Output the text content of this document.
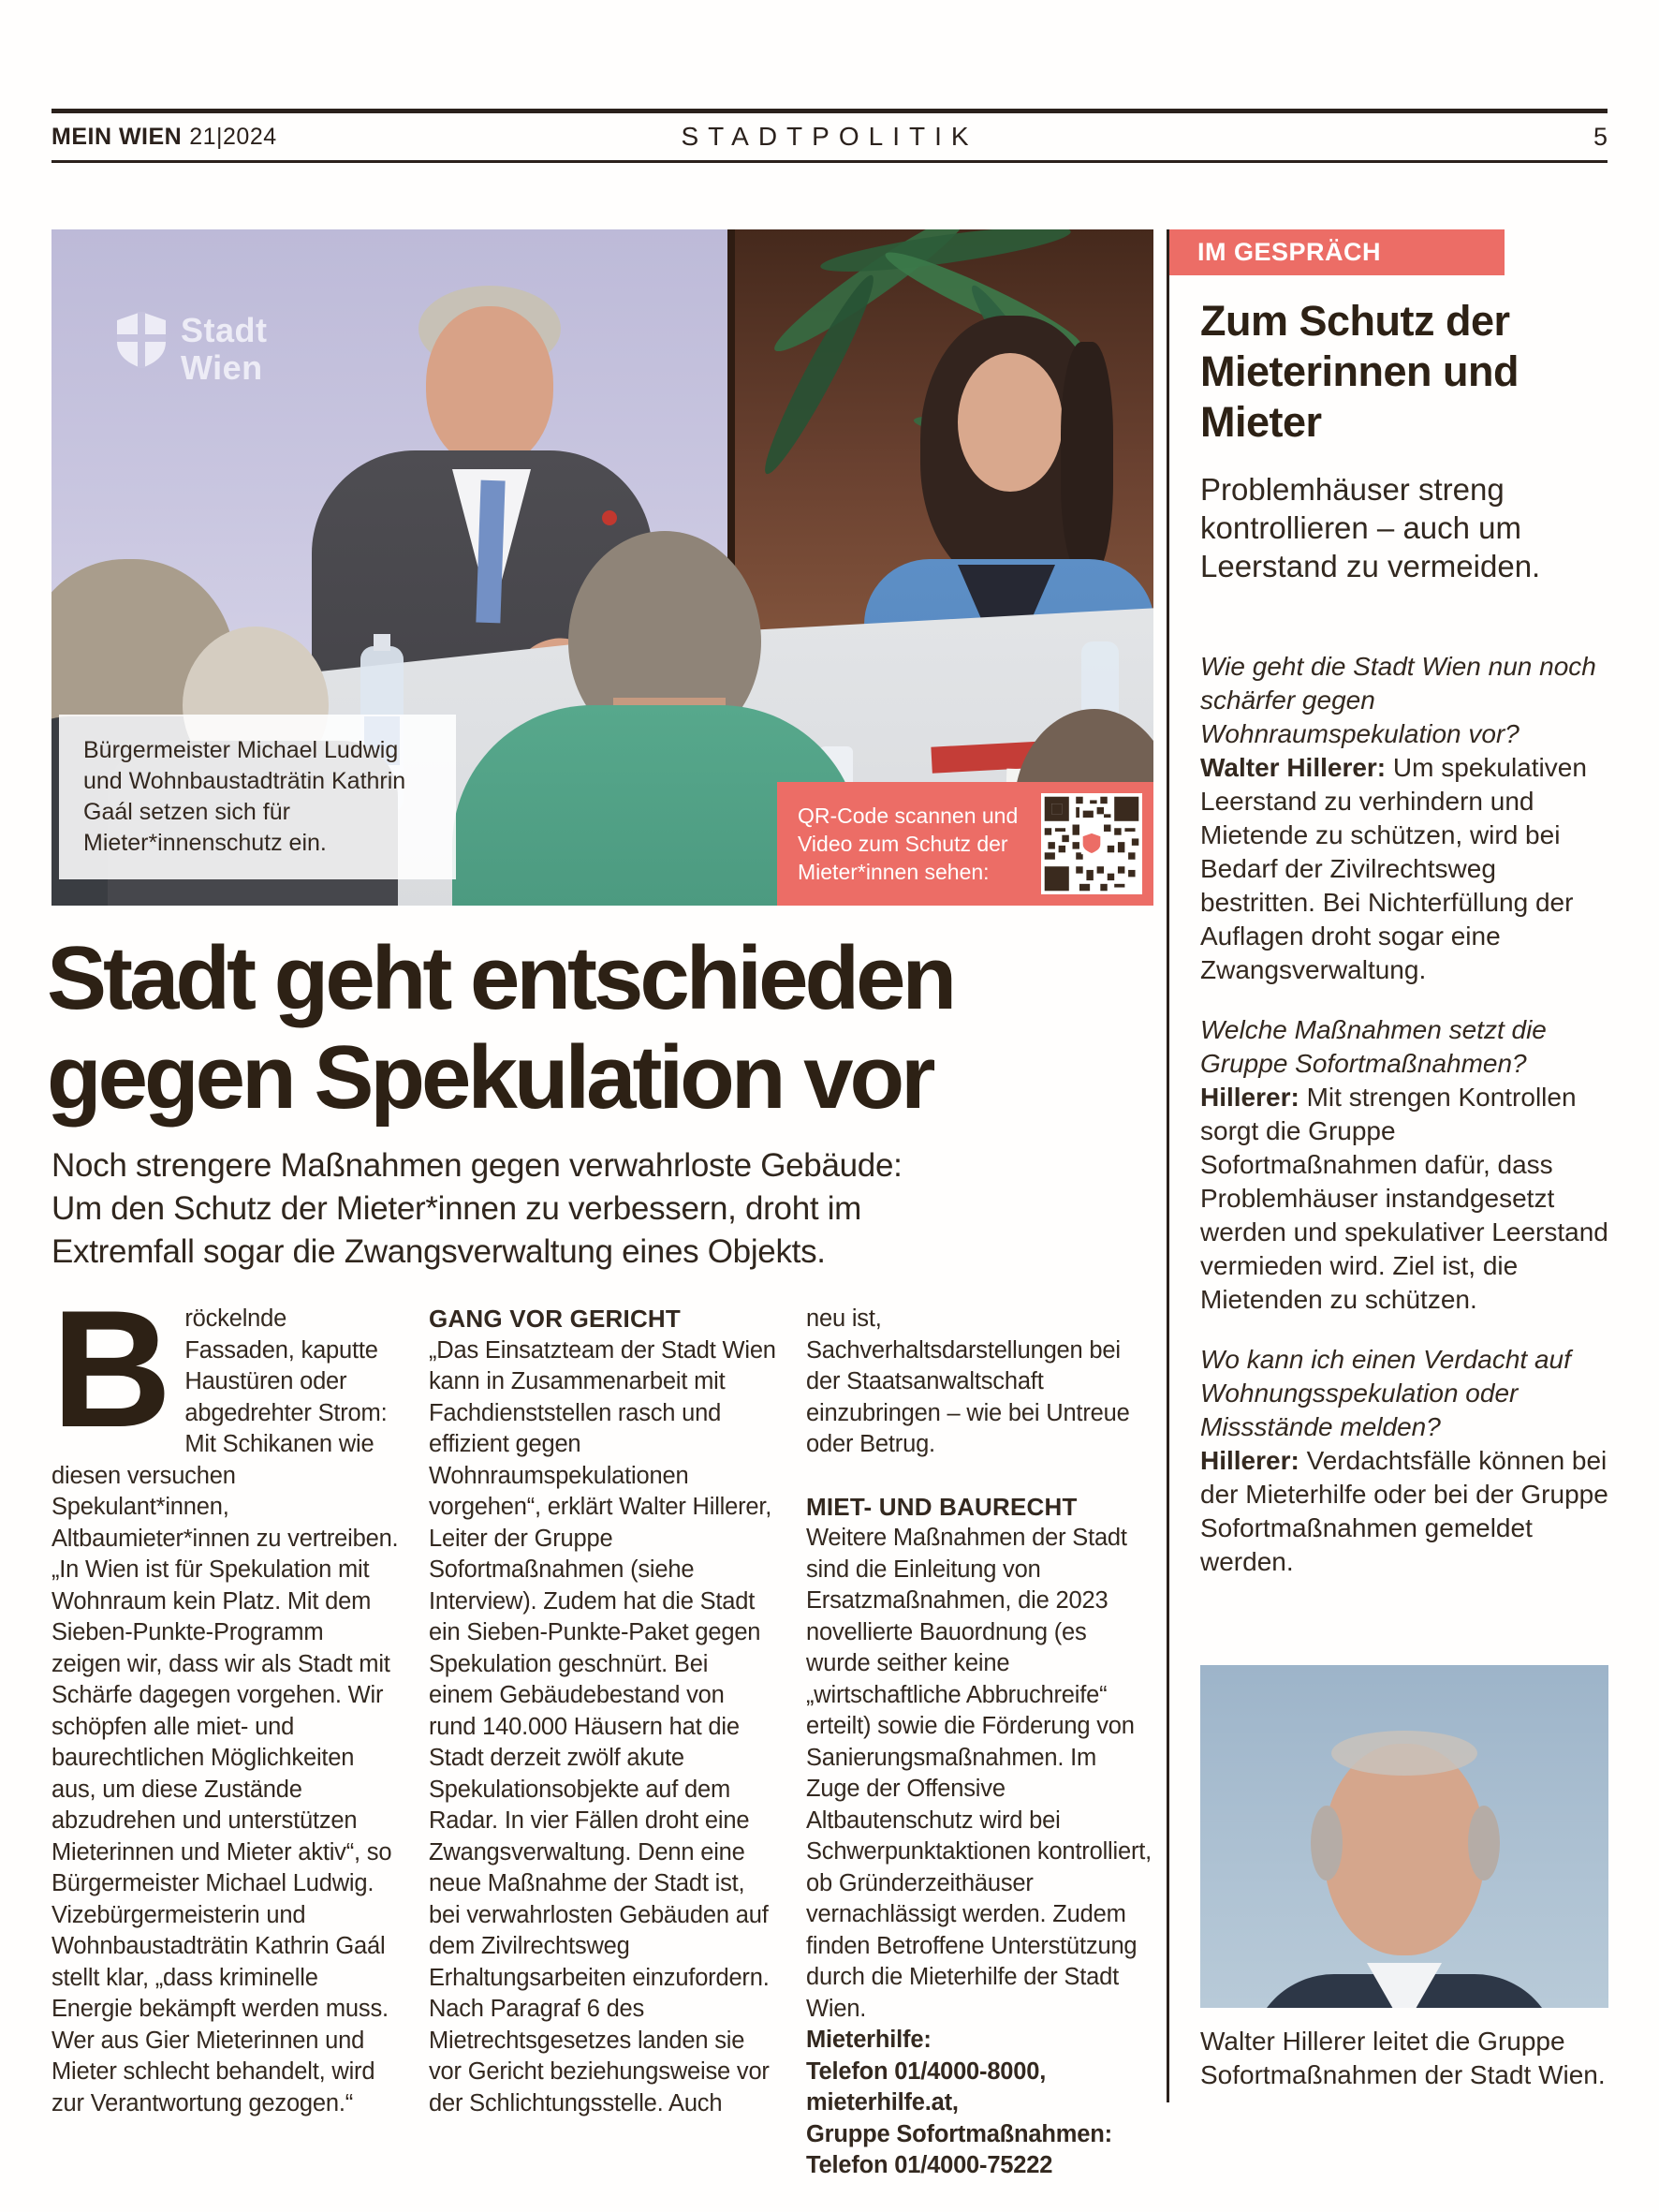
MEIN WIEN 21|2024	STADTPOLITIK	5
Stadt
Wien
Bürgermeister Michael Ludwig und Wohnbaustadträtin Kathrin Gaál setzen sich für Mieter*innenschutz ein.
QR-Code scannen und Video zum Schutz der Mieter*innen sehen:
Stadt geht entschieden
gegen Spekulation vor
Noch strengere Maßnahmen gegen verwahrloste Gebäude:
Um den Schutz der Mieter*innen zu verbessern, droht im
Extremfall sogar die Zwangsverwaltung eines Objekts.
Bröckelnde Fassaden, kaputte Haustüren oder abgedrehter Strom: Mit Schikanen wie diesen versuchen Spekulant*innen, Altbaumieter*innen zu vertreiben. „In Wien ist für Spekulation mit Wohnraum kein Platz. Mit dem Sieben-Punkte-Programm zeigen wir, dass wir als Stadt mit Schärfe dagegen vorgehen. Wir schöpfen alle miet- und baurechtlichen Möglichkeiten aus, um diese Zustände abzudrehen und unterstützen Mieterinnen und Mieter aktiv“, so Bürgermeister Michael Ludwig. Vizebürgermeisterin und Wohnbaustadträtin Kathrin Gaál stellt klar, „dass kriminelle Energie bekämpft werden muss. Wer aus Gier Mieterinnen und Mieter schlecht behandelt, wird zur Verantwortung gezogen.“
GANG VOR GERICHT
„Das Einsatzteam der Stadt Wien kann in Zusammenarbeit mit Fachdienststellen rasch und effizient gegen Wohnraumspekulationen vorgehen“, erklärt Walter Hillerer, Leiter der Gruppe Sofortmaßnahmen (siehe Interview). Zudem hat die Stadt ein Sieben-Punkte-Paket gegen Spekulation geschnürt. Bei einem Gebäudebestand von rund 140.000 Häusern hat die Stadt derzeit zwölf akute Spekulationsobjekte auf dem Radar. In vier Fällen droht eine Zwangsverwaltung. Denn eine neue Maßnahme der Stadt ist, bei verwahrlosten Gebäuden auf dem Zivilrechtsweg Erhaltungsarbeiten einzufordern. Nach Paragraf 6 des Mietrechtsgesetzes landen sie vor Gericht beziehungsweise vor der Schlichtungsstelle. Auch
neu ist, Sachverhaltsdarstellungen bei der Staatsanwaltschaft einzubringen – wie bei Untreue oder Betrug.
MIET- UND BAURECHT
Weitere Maßnahmen der Stadt sind die Einleitung von Ersatzmaßnahmen, die 2023 novellierte Bauordnung (es wurde seither keine „wirtschaftliche Abbruchreife“ erteilt) sowie die Förderung von Sanierungsmaßnahmen. Im Zuge der Offensive Altbautenschutz wird bei Schwerpunktaktionen kontrolliert, ob Gründerzeithäuser vernachlässigt werden. Zudem finden Betroffene Unterstützung durch die Mieterhilfe der Stadt Wien.
Mieterhilfe:
Telefon 01/4000-8000,
mieterhilfe.at,
Gruppe Sofortmaßnahmen:
Telefon 01/4000-75222
IM GESPRÄCH
Zum Schutz der Mieterinnen und Mieter
Problemhäuser streng kontrollieren – auch um Leerstand zu vermeiden.
Wie geht die Stadt Wien nun noch schärfer gegen Wohnraumspekulation vor?
Walter Hillerer: Um spekulativen Leerstand zu verhindern und Mietende zu schützen, wird bei Bedarf der Zivilrechtsweg bestritten. Bei Nichterfüllung der Auflagen droht sogar eine Zwangsverwaltung.
Welche Maßnahmen setzt die Gruppe Sofortmaßnahmen?
Hillerer: Mit strengen Kontrollen sorgt die Gruppe Sofortmaßnahmen dafür, dass Problemhäuser instandgesetzt werden und spekulativer Leerstand vermieden wird. Ziel ist, die Mietenden zu schützen.
Wo kann ich einen Verdacht auf Wohnungsspekulation oder Missstände melden?
Hillerer: Verdachtsfälle können bei der Mieterhilfe oder bei der Gruppe Sofortmaßnahmen gemeldet werden.
Walter Hillerer leitet die Gruppe Sofortmaßnahmen der Stadt Wien.
